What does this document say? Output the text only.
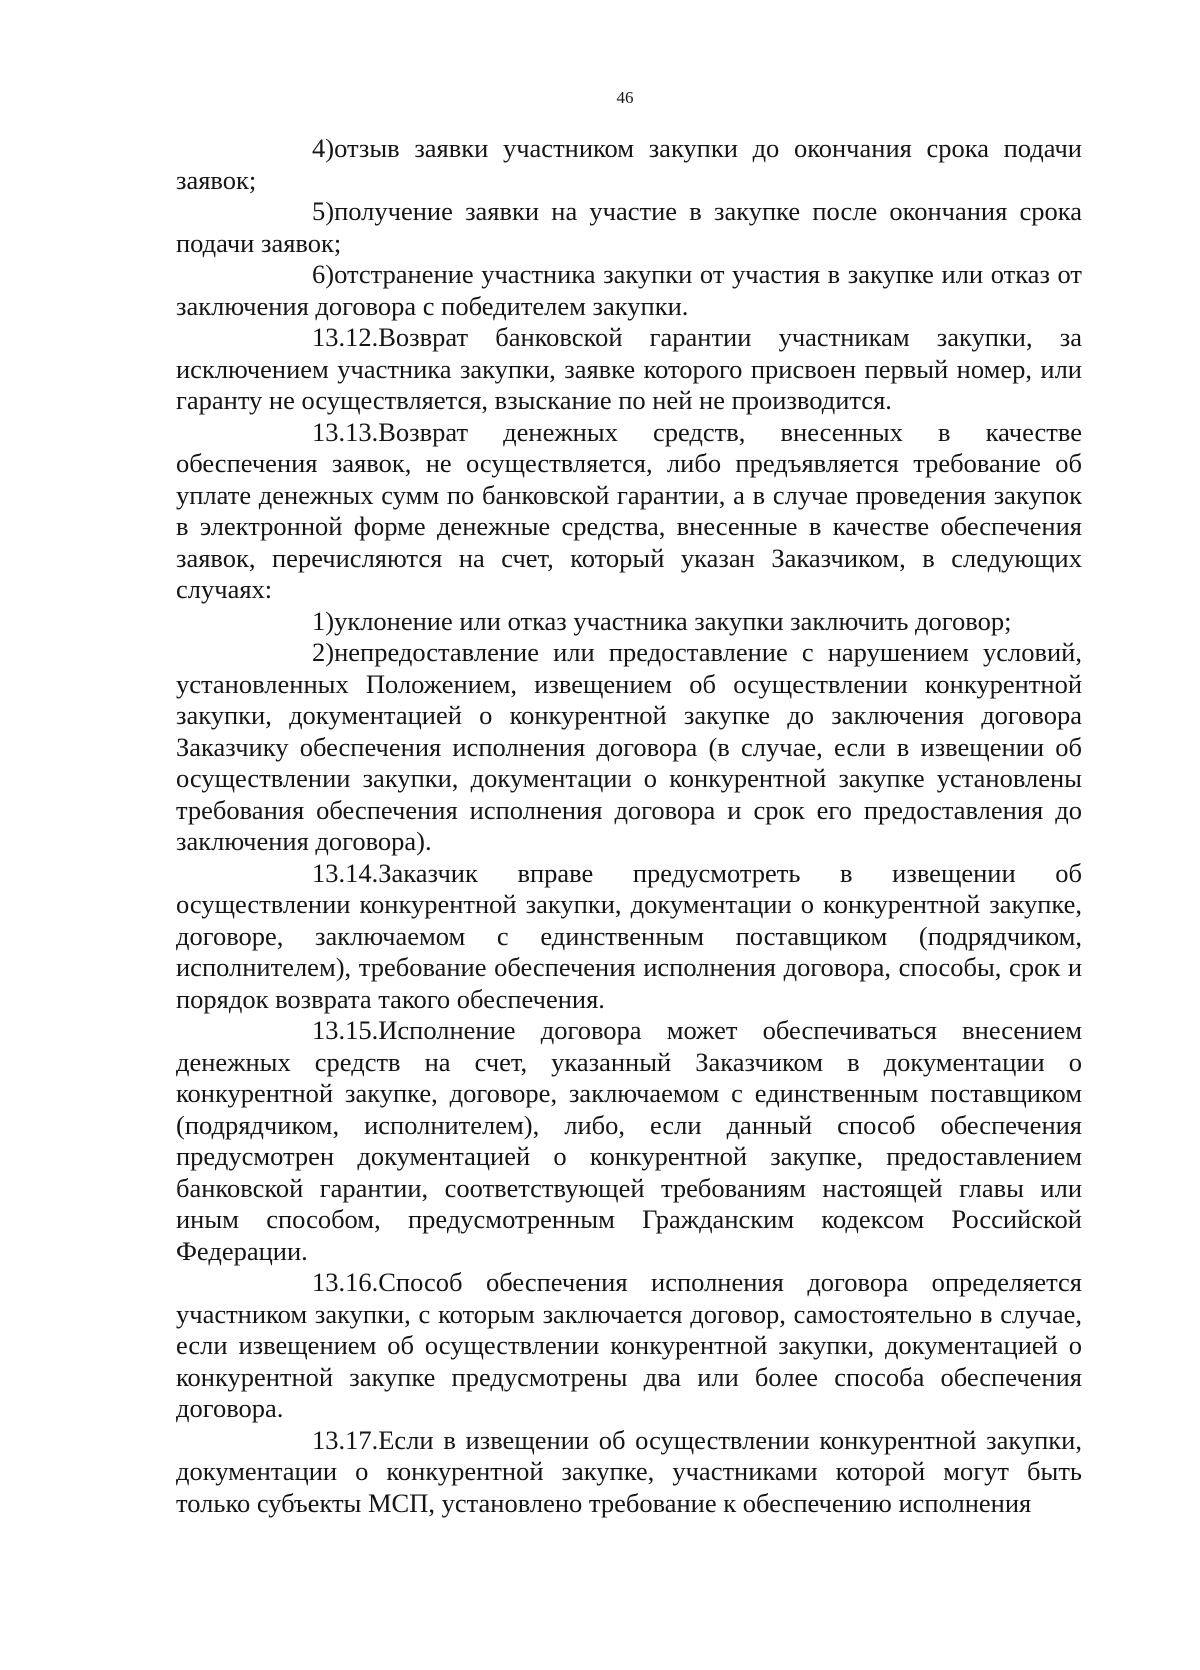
46

4)отзыв заявки участником закупки до окончания срока подачи заявок;

5)получение заявки на участие в закупке после окончания срока подачи заявок;

6)отстранение участника закупки от участия в закупке или отказ от заключения договора с победителем закупки.

13.12.Возврат банковской гарантии участникам закупки, за исключением участника закупки, заявке которого присвоен первый номер, или гаранту не осуществляется, взыскание по ней не производится.

13.13.Возврат денежных средств, внесенных в качестве обеспечения заявок, не осуществляется, либо предъявляется требование об уплате денежных сумм по банковской гарантии, а в случае проведения закупок в электронной форме денежные средства, внесенные в качестве обеспечения заявок, перечисляются на счет, который указан Заказчиком, в следующих случаях:

1)уклонение или отказ участника закупки заключить договор;

2)непредоставление или предоставление с нарушением условий, установленных Положением, извещением об осуществлении конкурентной закупки, документацией о конкурентной закупке до заключения договора Заказчику обеспечения исполнения договора (в случае, если в извещении об осуществлении закупки, документации о конкурентной закупке установлены требования обеспечения исполнения договора и срок его предоставления до заключения договора).

13.14.Заказчик вправе предусмотреть в извещении об осуществлении конкурентной закупки, документации о конкурентной закупке, договоре, заключаемом с единственным поставщиком (подрядчиком, исполнителем), требование обеспечения исполнения договора, способы, срок и порядок возврата такого обеспечения.

13.15.Исполнение договора может обеспечиваться внесением денежных средств на счет, указанный Заказчиком в документации о конкурентной закупке, договоре, заключаемом с единственным поставщиком (подрядчиком, исполнителем), либо, если данный способ обеспечения предусмотрен документацией о конкурентной закупке, предоставлением банковской гарантии, соответствующей требованиям настоящей главы или иным способом, предусмотренным Гражданским кодексом Российской Федерации.

13.16.Способ обеспечения исполнения договора определяется участником закупки, с которым заключается договор, самостоятельно в случае, если извещением об осуществлении конкурентной закупки, документацией о конкурентной закупке предусмотрены два или более способа обеспечения договора.

13.17.Если в извещении об осуществлении конкурентной закупки, документации о конкурентной закупке, участниками которой могут быть только субъекты МСП, установлено требование к обеспечению исполнения
